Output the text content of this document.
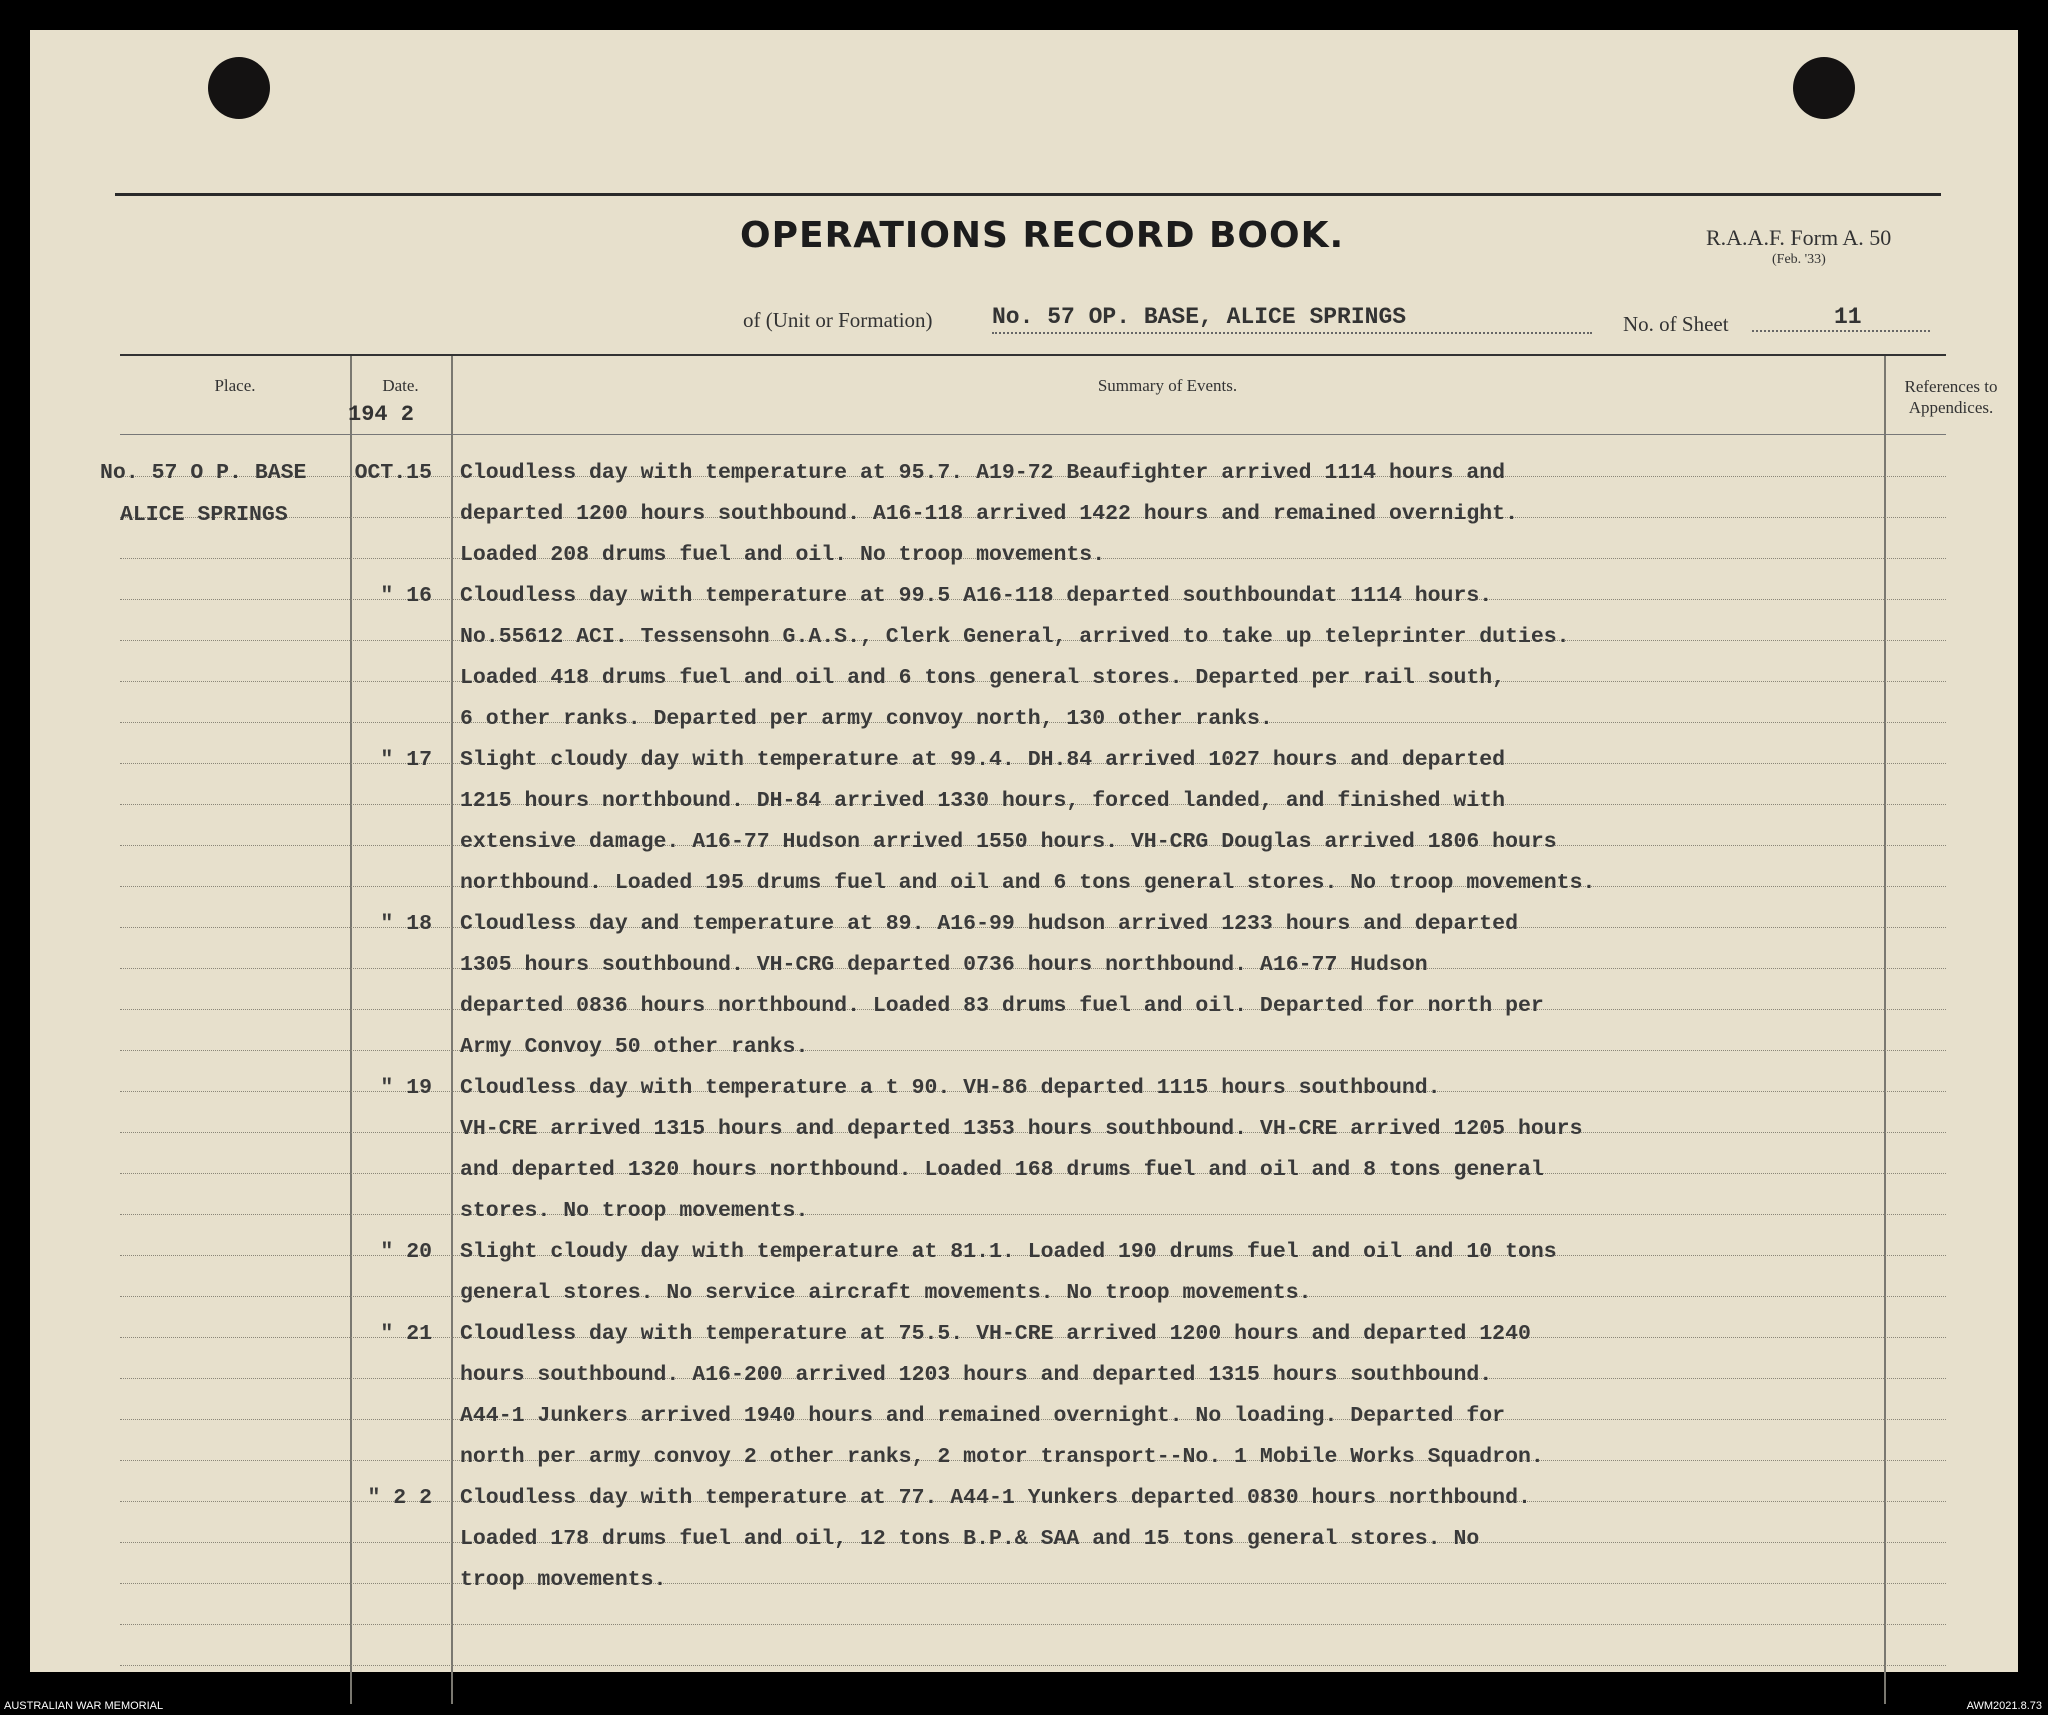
OPERATIONS RECORD BOOK.	R.A.A.F. Form A. 50
(Feb. '33)
of (Unit or Formation)	No. 57 OP. BASE, ALICE SPRINGS	No. of Sheet	11
Place.	Date.	Summary of Events.	References to Appendices.
194 2
No. 57 O P. BASE
ALICE SPRINGS
OCT.15 Cloudless day with temperature at 95.7. A19-72 Beaufighter arrived 1114 hours and
departed 1200 hours southbound. A16-118 arrived 1422 hours and remained overnight.
Loaded 208 drums fuel and oil. No troop movements.
" 16 Cloudless day with temperature at 99.5 A16-118 departed southboundat 1114 hours.
No.55612 ACI. Tessensohn G.A.S., Clerk General, arrived to take up teleprinter duties.
Loaded 418 drums fuel and oil and 6 tons general stores. Departed per rail south,
6 other ranks. Departed per army convoy north, 130 other ranks.
" 17 Slight cloudy day with temperature at 99.4. DH.84 arrived 1027 hours and departed
1215 hours northbound. DH-84 arrived 1330 hours, forced landed, and finished with
extensive damage. A16-77 Hudson arrived 1550 hours. VH-CRG Douglas arrived 1806 hours
northbound. Loaded 195 drums fuel and oil and 6 tons general stores. No troop movements.
" 18 Cloudless day and temperature at 89. A16-99 hudson arrived 1233 hours and departed
1305 hours southbound. VH-CRG departed 0736 hours northbound. A16-77 Hudson
departed 0836 hours northbound. Loaded 83 drums fuel and oil. Departed for north per
Army Convoy 50 other ranks.
" 19 Cloudless day with temperature a t 90. VH-86 departed 1115 hours southbound.
VH-CRE arrived 1315 hours and departed 1353 hours southbound. VH-CRE arrived 1205 hours
and departed 1320 hours northbound. Loaded 168 drums fuel and oil and 8 tons general
stores. No troop movements.
" 20 Slight cloudy day with temperature at 81.1. Loaded 190 drums fuel and oil and 10 tons
general stores. No service aircraft movements. No troop movements.
" 21 Cloudless day with temperature at 75.5. VH-CRE arrived 1200 hours and departed 1240
hours southbound. A16-200 arrived 1203 hours and departed 1315 hours southbound.
A44-1 Junkers arrived 1940 hours and remained overnight. No loading. Departed for
north per army convoy 2 other ranks, 2 motor transport--No. 1 Mobile Works Squadron.
" 2 2 Cloudless day with temperature at 77. A44-1 Yunkers departed 0830 hours northbound.
Loaded 178 drums fuel and oil, 12 tons B.P.& SAA and 15 tons general stores. No
troop movements.
AUSTRALIAN WAR MEMORIAL	AWM2021.8.73
